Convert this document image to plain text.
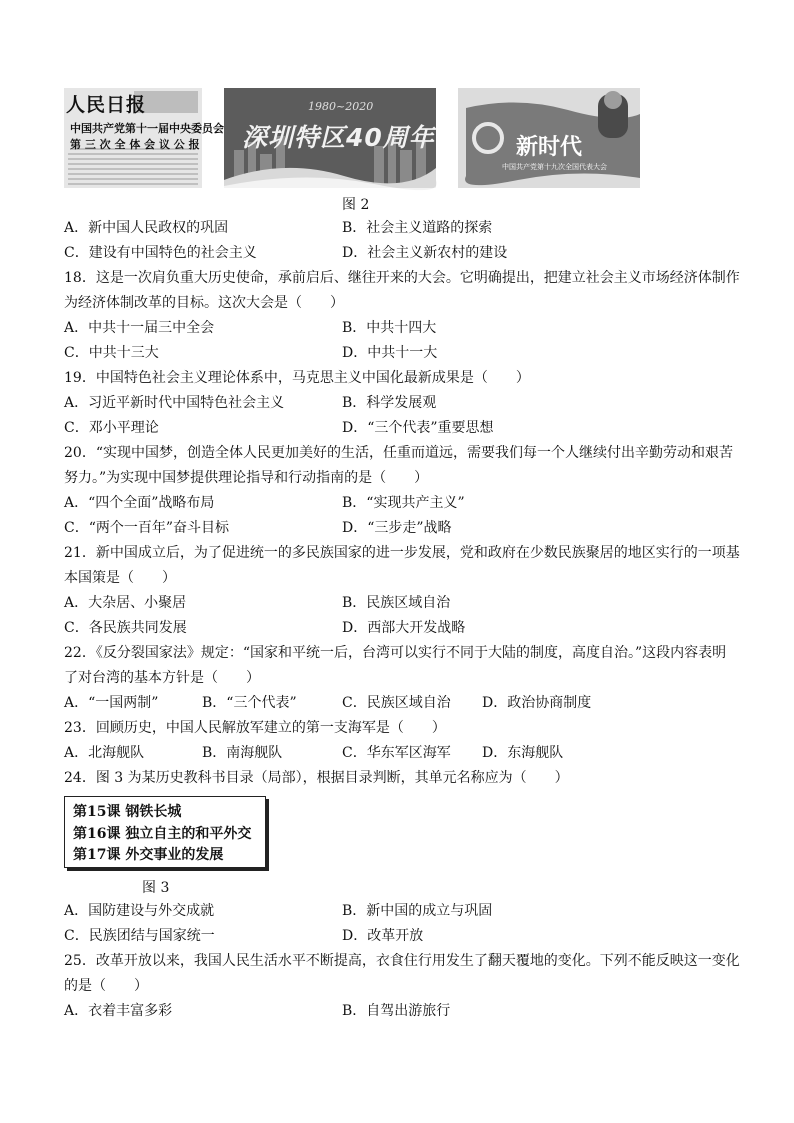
人民日报
中国共产党第十一届中央委员会
第 三 次 全 体 会 议 公 报
1980~2020
深圳特区40周年	新时代
中国共产党第十九次全国代表大会
图 2
A．新中国人民政权的巩固	B．社会主义道路的探索
C．建设有中国特色的社会主义	D．社会主义新农村的建设
18．这是一次肩负重大历史使命，承前启后、继往开来的大会。它明确提出，把建立社会主义市场经济体制作
为经济体制改革的目标。这次大会是（　　）
A．中共十一届三中全会	B．中共十四大
C．中共十三大	D．中共十一大
19．中国特色社会主义理论体系中，马克思主义中国化最新成果是（　　）
A．习近平新时代中国特色社会主义	B．科学发展观
C．邓小平理论	D．“三个代表”重要思想
20．“实现中国梦，创造全体人民更加美好的生活，任重而道远，需要我们每一个人继续付出辛勤劳动和艰苦
努力。”为实现中国梦提供理论指导和行动指南的是（　　）
A．“四个全面”战略布局	B．“实现共产主义”
C．“两个一百年”奋斗目标	D．“三步走”战略
21．新中国成立后，为了促进统一的多民族国家的进一步发展，党和政府在少数民族聚居的地区实行的一项基
本国策是（　　）
A．大杂居、小聚居	B．民族区域自治
C．各民族共同发展	D．西部大开发战略
22．《反分裂国家法》规定：“国家和平统一后，台湾可以实行不同于大陆的制度，高度自治。”这段内容表明
了对台湾的基本方针是（　　）
A．“一国两制”	B．“三个代表”	C．民族区域自治 D．政治协商制度
23．回顾历史，中国人民解放军建立的第一支海军是（　　）
A．北海舰队	B．南海舰队	C．华东军区海军 D．东海舰队
24．图 3 为某历史教科书目录（局部），根据目录判断，其单元名称应为（　　）
第15课 钢铁长城
第16课 独立自主的和平外交
第17课 外交事业的发展
图 3
A．国防建设与外交成就	B．新中国的成立与巩固
C．民族团结与国家统一	D．改革开放
25．改革开放以来，我国人民生活水平不断提高，衣食住行用发生了翻天覆地的变化。下列不能反映这一变化
的是（　　）
A．衣着丰富多彩	B．自驾出游旅行
